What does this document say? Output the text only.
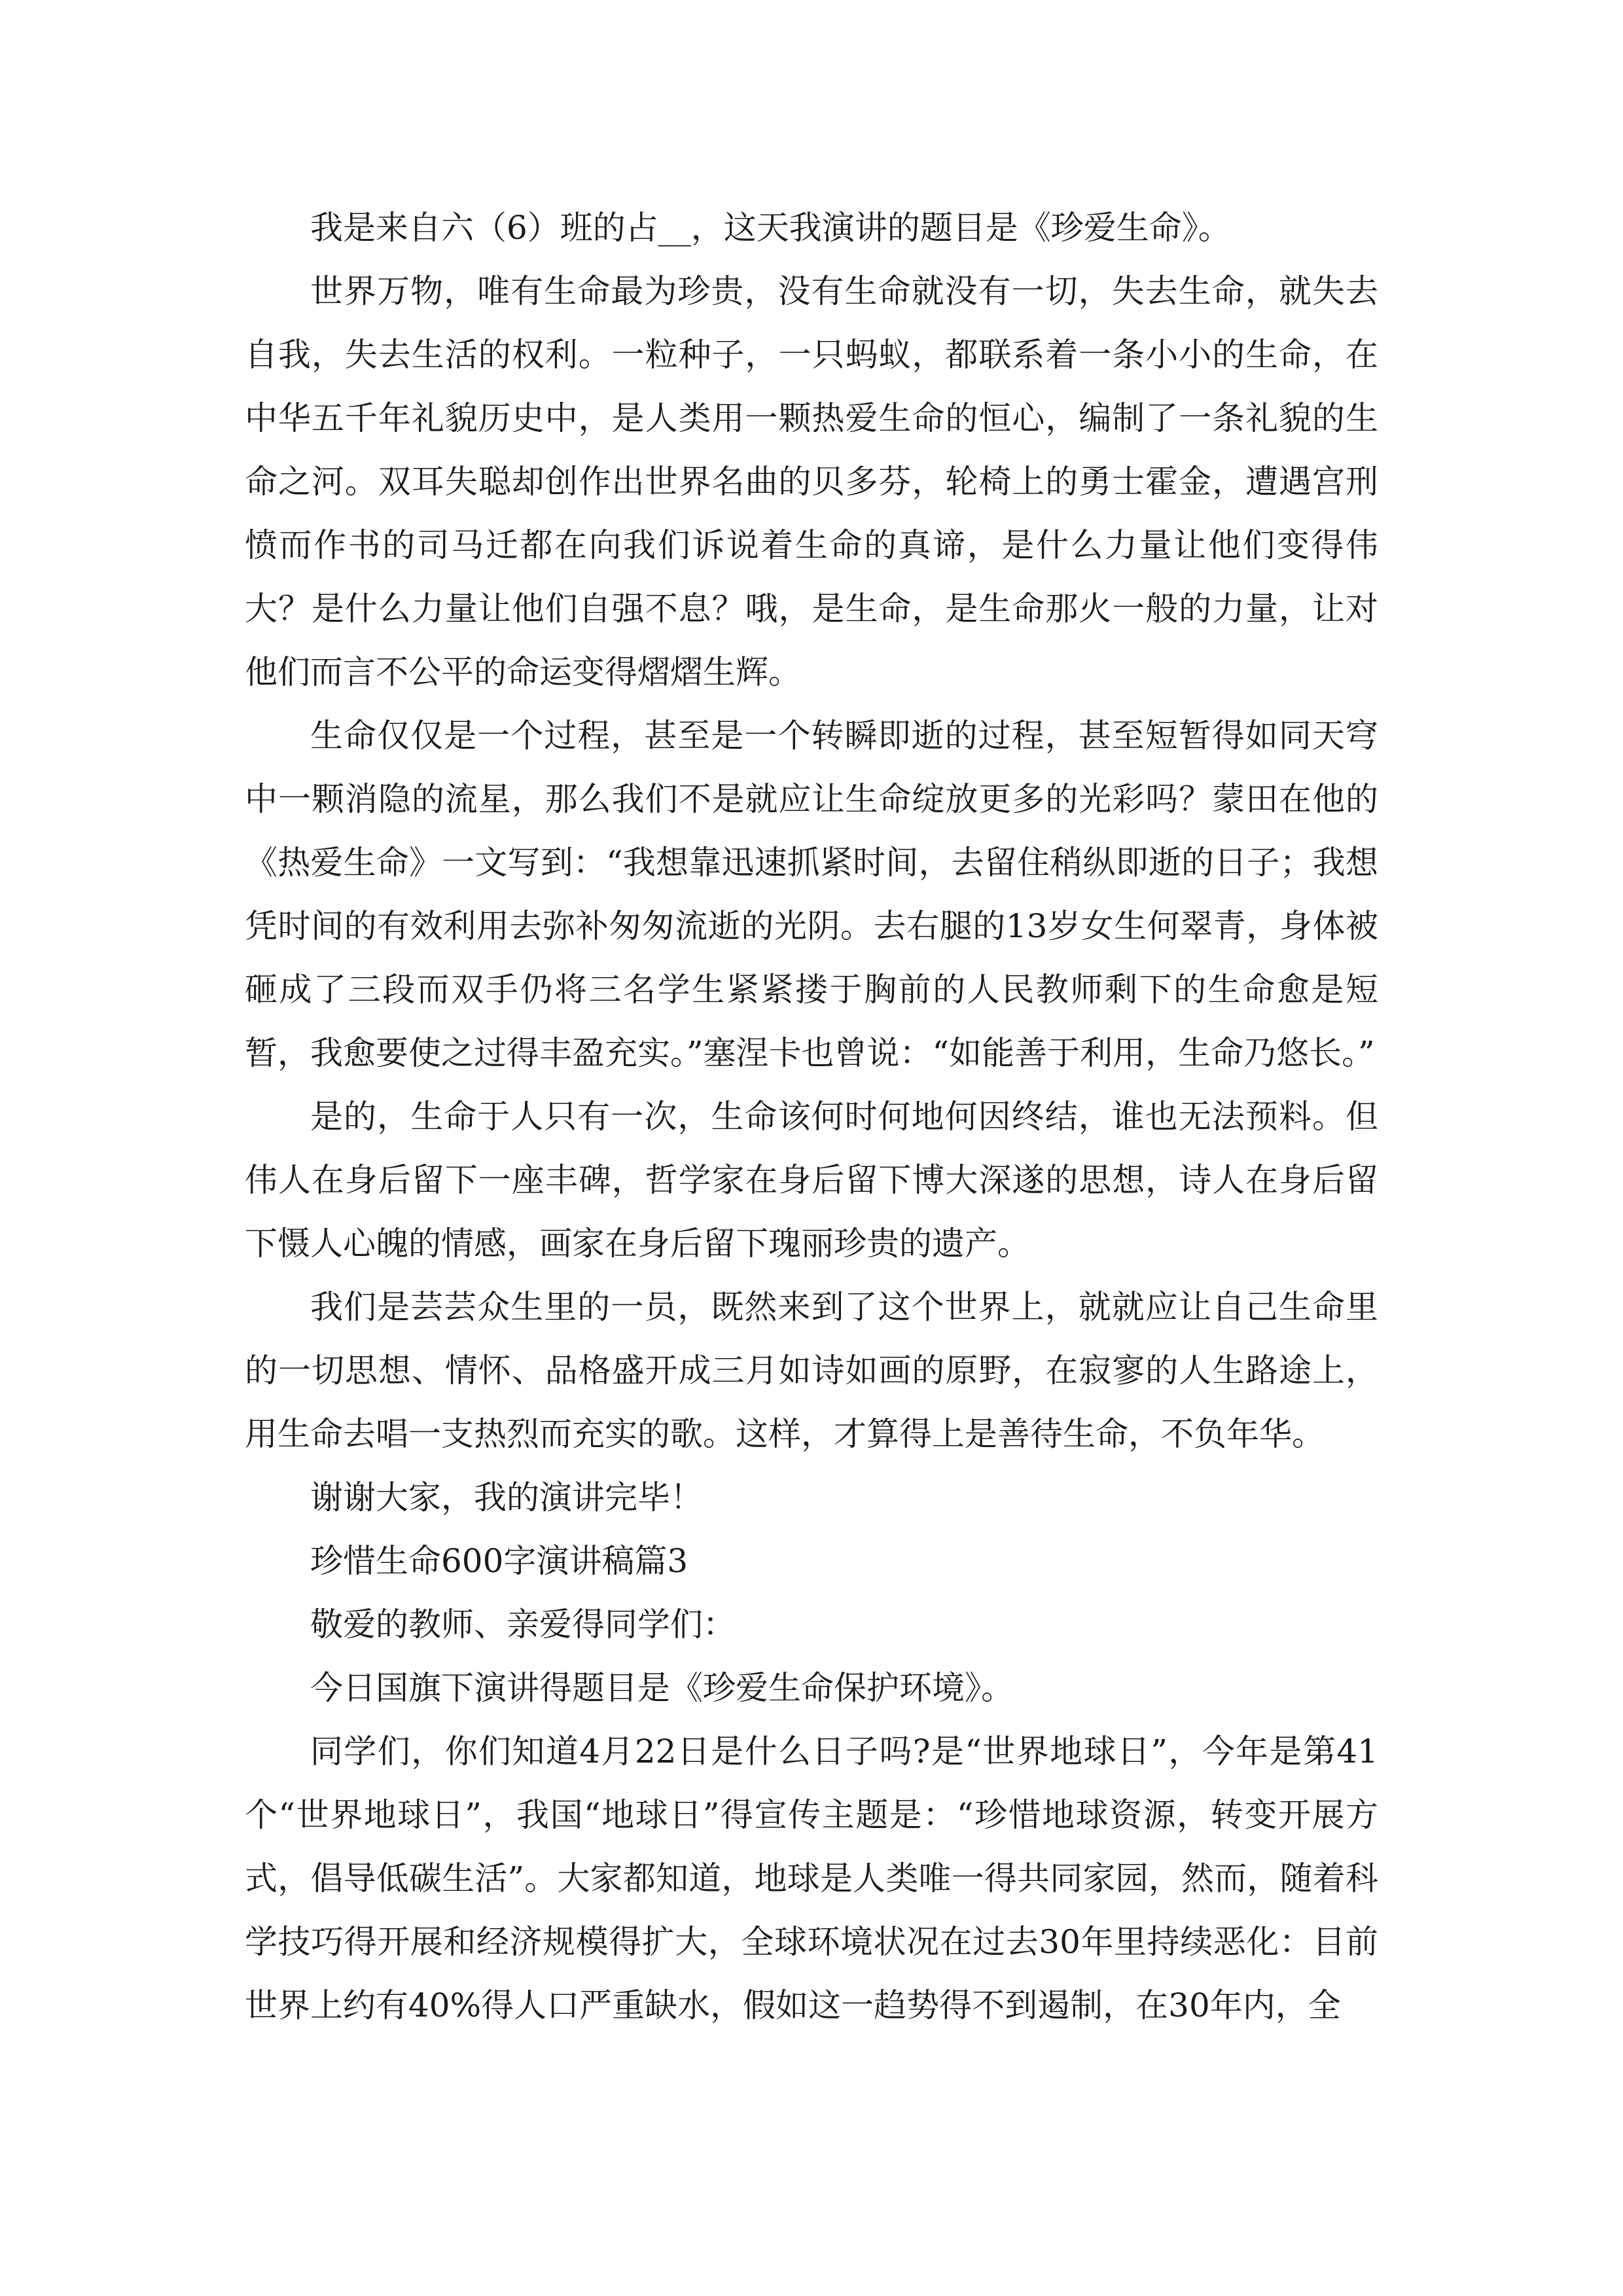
我是来自六（6）班的占__，这天我演讲的题目是《珍爱生命》。

世界万物，唯有生命最为珍贵，没有生命就没有一切，失去生命，就失去自我，失去生活的权利。一粒种子，一只蚂蚁，都联系着一条小小的生命，在中华五千年礼貌历史中，是人类用一颗热爱生命的恒心，编制了一条礼貌的生命之河。双耳失聪却创作出世界名曲的贝多芬，轮椅上的勇士霍金，遭遇宫刑愤而作书的司马迁都在向我们诉说着生命的真谛，是什么力量让他们变得伟大？是什么力量让他们自强不息？哦，是生命，是生命那火一般的力量，让对他们而言不公平的命运变得熠熠生辉。

生命仅仅是一个过程，甚至是一个转瞬即逝的过程，甚至短暂得如同天穹中一颗消隐的流星，那么我们不是就应让生命绽放更多的光彩吗？蒙田在他的《热爱生命》一文写到：“我想靠迅速抓紧时间，去留住稍纵即逝的日子；我想凭时间的有效利用去弥补匆匆流逝的光阴。去右腿的13岁女生何翠青，身体被砸成了三段而双手仍将三名学生紧紧搂于胸前的人民教师剩下的生命愈是短暂，我愈要使之过得丰盈充实。”塞涅卡也曾说：“如能善于利用，生命乃悠长。”

是的，生命于人只有一次，生命该何时何地何因终结，谁也无法预料。但伟人在身后留下一座丰碑，哲学家在身后留下博大深遂的思想，诗人在身后留下慑人心魄的情感，画家在身后留下瑰丽珍贵的遗产。

我们是芸芸众生里的一员，既然来到了这个世界上，就就应让自己生命里的一切思想、情怀、品格盛开成三月如诗如画的原野，在寂寥的人生路途上，用生命去唱一支热烈而充实的歌。这样，才算得上是善待生命，不负年华。

谢谢大家，我的演讲完毕！

珍惜生命600字演讲稿篇3

敬爱的教师、亲爱得同学们：

今日国旗下演讲得题目是《珍爱生命保护环境》。

同学们，你们知道4月22日是什么日子吗?是“世界地球日”，今年是第41个“世界地球日”，我国“地球日”得宣传主题是：“珍惜地球资源，转变开展方式，倡导低碳生活”。大家都知道，地球是人类唯一得共同家园，然而，随着科学技巧得开展和经济规模得扩大，全球环境状况在过去30年里持续恶化：目前世界上约有40%得人口严重缺水，假如这一趋势得不到遏制，在30年内，全
